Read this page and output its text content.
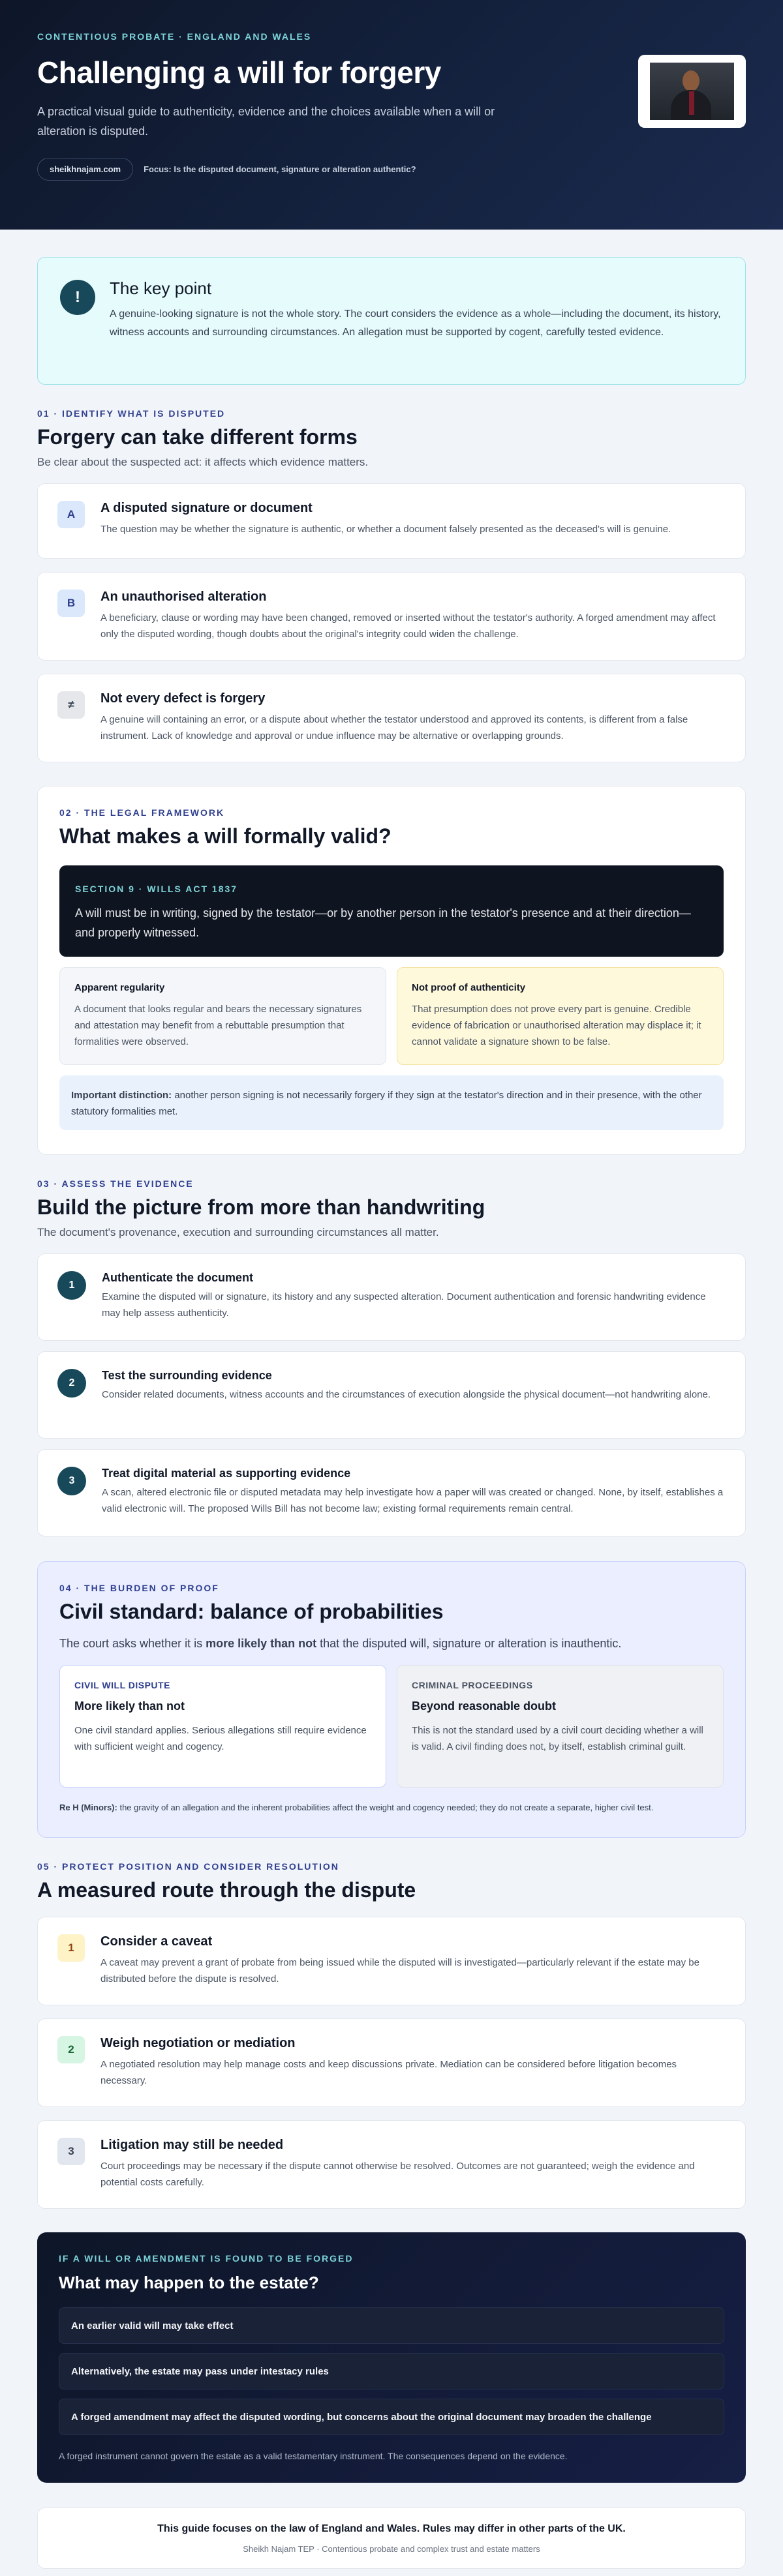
CONTENTIOUS PROBATE · ENGLAND AND WALES
Challenging a will for forgery

A practical visual guide to authenticity, evidence and the choices available when a will or alteration is disputed.

sheikhnajam.com	Focus: Is the disputed document, signature or alteration authentic?
!	The key point

A genuine-looking signature is not the whole story. The court considers the evidence as a whole—including the document, its history, witness accounts and surrounding circumstances. An allegation must be supported by cogent, carefully tested evidence.

01 · IDENTIFY WHAT IS DISPUTED
Forgery can take different forms

Be clear about the suspected act: it affects which evidence matters.

A	A disputed signature or document

The question may be whether the signature is authentic, or whether a document falsely presented as the deceased's will is genuine.

B	An unauthorised alteration

A beneficiary, clause or wording may have been changed, removed or inserted without the testator's authority. A forged amendment may affect only the disputed wording, though doubts about the original's integrity could widen the challenge.

≠	Not every defect is forgery

A genuine will containing an error, or a dispute about whether the testator understood and approved its contents, is different from a false instrument. Lack of knowledge and approval or undue influence may be alternative or overlapping grounds.

02 · THE LEGAL FRAMEWORK
What makes a will formally valid?
SECTION 9 · WILLS ACT 1837

A will must be in writing, signed by the testator—or by another person in the testator's presence and at their direction—and properly witnessed.

Apparent regularity

A document that looks regular and bears the necessary signatures and attestation may benefit from a rebuttable presumption that formalities were observed.

Not proof of authenticity

That presumption does not prove every part is genuine. Credible evidence of fabrication or unauthorised alteration may displace it; it cannot validate a signature shown to be false.

Important distinction: another person signing is not necessarily forgery if they sign at the testator's direction and in their presence, with the other statutory formalities met.
03 · ASSESS THE EVIDENCE
Build the picture from more than handwriting

The document's provenance, execution and surrounding circumstances all matter.

1
Authenticate the document

Examine the disputed will or signature, its history and any suspected alteration. Document authentication and forensic handwriting evidence may help assess authenticity.

2
Test the surrounding evidence

Consider related documents, witness accounts and the circumstances of execution alongside the physical document—not handwriting alone.

3
Treat digital material as supporting evidence

A scan, altered electronic file or disputed metadata may help investigate how a paper will was created or changed. None, by itself, establishes a valid electronic will. The proposed Wills Bill has not become law; existing formal requirements remain central.

04 · THE BURDEN OF PROOF
Civil standard: balance of probabilities

The court asks whether it is more likely than not that the disputed will, signature or alteration is inauthentic.

CIVIL WILL DISPUTE
More likely than not

One civil standard applies. Serious allegations still require evidence with sufficient weight and cogency.

CRIMINAL PROCEEDINGS
Beyond reasonable doubt

This is not the standard used by a civil court deciding whether a will is valid. A civil finding does not, by itself, establish criminal guilt.

Re H (Minors): the gravity of an allegation and the inherent probabilities affect the weight and cogency needed; they do not create a separate, higher civil test.

05 · PROTECT POSITION AND CONSIDER RESOLUTION
A measured route through the dispute
1	Consider a caveat

A caveat may prevent a grant of probate from being issued while the disputed will is investigated—particularly relevant if the estate may be distributed before the dispute is resolved.

2	Weigh negotiation or mediation

A negotiated resolution may help manage costs and keep discussions private. Mediation can be considered before litigation becomes necessary.

3	Litigation may still be needed

Court proceedings may be necessary if the dispute cannot otherwise be resolved. Outcomes are not guaranteed; weigh the evidence and potential costs carefully.

IF A WILL OR AMENDMENT IS FOUND TO BE FORGED
What may happen to the estate?
An earlier valid will may take effect
Alternatively, the estate may pass under intestacy rules
A forged amendment may affect the disputed wording, but concerns about the original document may broaden the challenge

A forged instrument cannot govern the estate as a valid testamentary instrument. The consequences depend on the evidence.

This guide focuses on the law of England and Wales. Rules may differ in other parts of the UK.
Sheikh Najam TEP · Contentious probate and complex trust and estate matters
